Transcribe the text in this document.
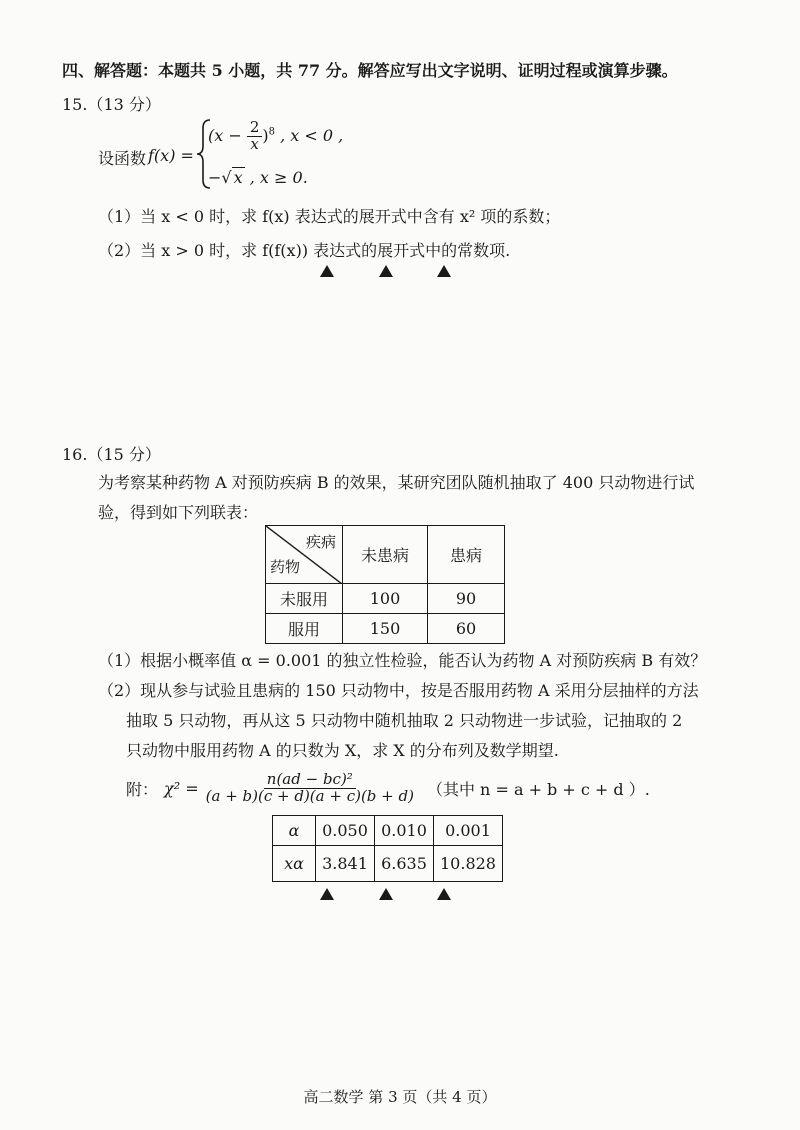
四、解答题：本题共 5 小题，共 77 分。解答应写出文字说明、证明过程或演算步骤。
15.（13 分）
设函数 f(x) =
$(x - \frac{2}{x} )^8$ , x < 0 ,
−√ x , x ≥ 0.
（1）当 x < 0 时，求 f(x) 表达式的展开式中含有 x² 项的系数；
（2）当 x > 0 时，求 f(f(x)) 表达式的展开式中的常数项.
16.（15 分）
为考察某种药物 A 对预防疾病 B 的效果，某研究团队随机抽取了 400 只动物进行试
验，得到如下列联表：
疾病
药物	未患病	患病
未服用	100	90
服用	150	60
（1）根据小概率值 α = 0.001 的独立性检验，能否认为药物 A 对预防疾病 B 有效？
（2）现从参与试验且患病的 150 只动物中，按是否服用药物 A 采用分层抽样的方法
抽取 5 只动物，再从这 5 只动物中随机抽取 2 只动物进一步试验，记抽取的 2
只动物中服用药物 A 的只数为 X，求 X 的分布列及数学期望.
附： $\chi^2 = \frac{\text{n(ad − bc)²}}{(a + b)(c + d)(a + c)(b + d)}$ （其中 n = a + b + c + d ）.
α	0.050	0.010	0.001
xα	3.841	6.635	10.828
高二数学 第 3 页（共 4 页）
